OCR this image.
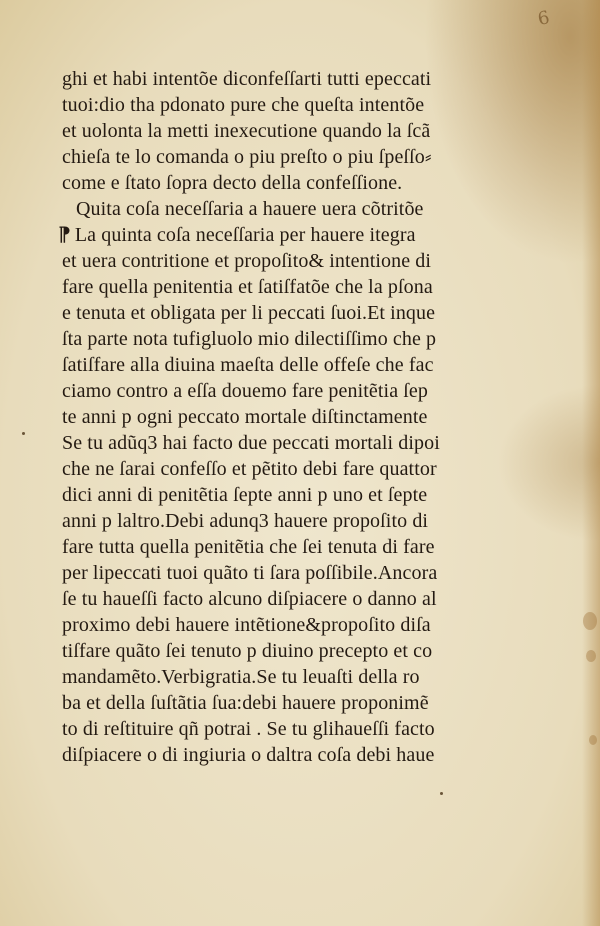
6
ghi et habi intentõe diconfeſſarti tutti epeccati
tuoi:dio tha pdonato pure che queſta intentõe
et uolonta la metti inexecutione quando la ſcã
chieſa te lo comanda o piu preſto o piu ſpeſſo⸗
come e ſtato ſopra decto della confeſſione.
Quita coſa neceſſaria a hauere uera cõtritõe
⁋ La quinta coſa neceſſaria per hauere itegra
et uera contritione et propoſito& intentione di
fare quella penitentia et ſatiſfatõe che la pſona
e tenuta et obligata per li peccati ſuoi.Et inque
ſta parte nota tufigluolo mio dilectiſſimo che p
ſatiſfare alla diuina maeſta delle offeſe che fac
ciamo contro a eſſa douemo fare penitẽtia ſep
te anni p ogni peccato mortale diſtinctamente
Se tu adũq3 hai facto due peccati mortali dipoi
che ne ſarai confeſſo et pẽtito debi fare quattor
dici anni di penitẽtia ſepte anni p uno et ſepte
anni p laltro.Debi adunq3 hauere propoſito di
fare tutta quella penitẽtia che ſei tenuta di fare
per lipeccati tuoi quãto ti ſara poſſibile.Ancora
ſe tu haueſſi facto alcuno diſpiacere o danno al
proximo debi hauere intẽtione&propoſito diſa
tiſfare quãto ſei tenuto p diuino precepto et co
mandamẽto.Verbigratia.Se tu leuaſti della ro
ba et della ſuſtãtia ſua:debi hauere proponimẽ
to di reſtituire qñ potrai . Se tu glihaueſſi facto
diſpiacere o di ingiuria o daltra coſa debi haue
